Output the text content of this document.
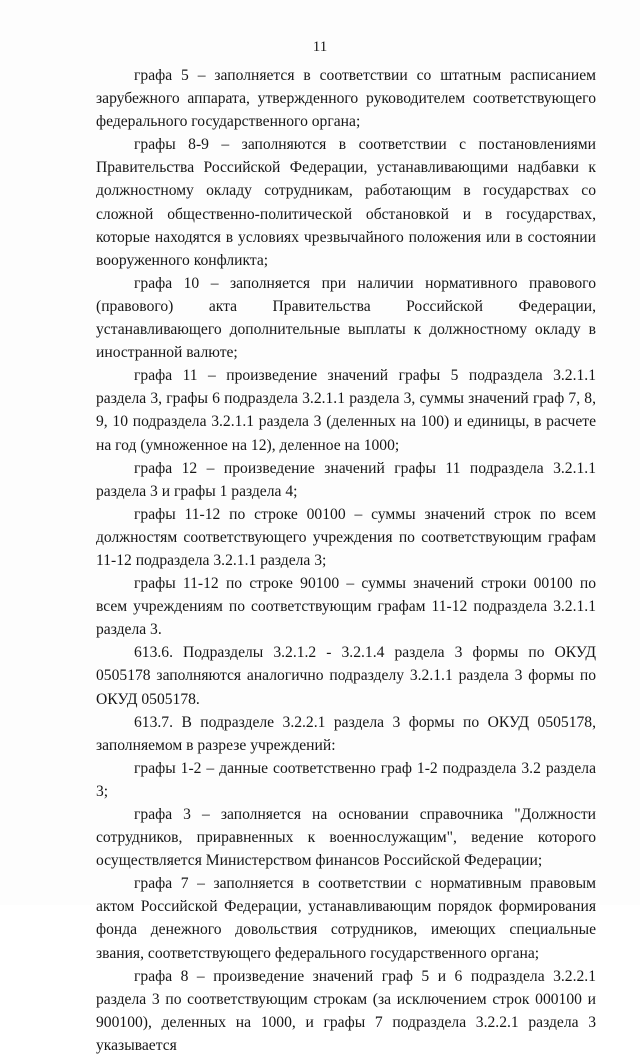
11

графа 5 – заполняется в соответствии со штатным расписанием зарубежного аппарата, утвержденного руководителем соответствующего федерального государственного органа;

графы 8-9 – заполняются в соответствии с постановлениями Правительства Российской Федерации, устанавливающими надбавки к должностному окладу сотрудникам, работающим в государствах со сложной общественно-политической обстановкой и в государствах, которые находятся в условиях чрезвычайного положения или в состоянии вооруженного конфликта;

графа 10 – заполняется при наличии нормативного правового (правового) акта Правительства Российской Федерации, устанавливающего дополнительные выплаты к должностному окладу в иностранной валюте;

графа 11 – произведение значений графы 5 подраздела 3.2.1.1 раздела 3, графы 6 подраздела 3.2.1.1 раздела 3, суммы значений граф 7, 8, 9, 10 подраздела 3.2.1.1 раздела 3 (деленных на 100) и единицы, в расчете на год (умноженное на 12), деленное на 1000;

графа 12 – произведение значений графы 11 подраздела 3.2.1.1 раздела 3 и графы 1 раздела 4;

графы 11-12 по строке 00100 – суммы значений строк по всем должностям соответствующего учреждения по соответствующим графам 11-12 подраздела 3.2.1.1 раздела 3;

графы 11-12 по строке 90100 – суммы значений строки 00100 по всем учреждениям по соответствующим графам 11-12 подраздела 3.2.1.1 раздела 3.

613.6. Подразделы 3.2.1.2 - 3.2.1.4 раздела 3 формы по ОКУД 0505178 заполняются аналогично подразделу 3.2.1.1 раздела 3 формы по ОКУД 0505178.

613.7. В подразделе 3.2.2.1 раздела 3 формы по ОКУД 0505178, заполняемом в разрезе учреждений:

графы 1-2 – данные соответственно граф 1-2 подраздела 3.2 раздела 3;

графа 3 – заполняется на основании справочника "Должности сотрудников, приравненных к военнослужащим", ведение которого осуществляется Министерством финансов Российской Федерации;

графа 7 – заполняется в соответствии с нормативным правовым актом Российской Федерации, устанавливающим порядок формирования фонда денежного довольствия сотрудников, имеющих специальные звания, соответствующего федерального государственного органа;

графа 8 – произведение значений граф 5 и 6 подраздела 3.2.2.1 раздела 3 по соответствующим строкам (за исключением строк 000100 и 900100), деленных на 1000, и графы 7 подраздела 3.2.2.1 раздела 3 указывается
